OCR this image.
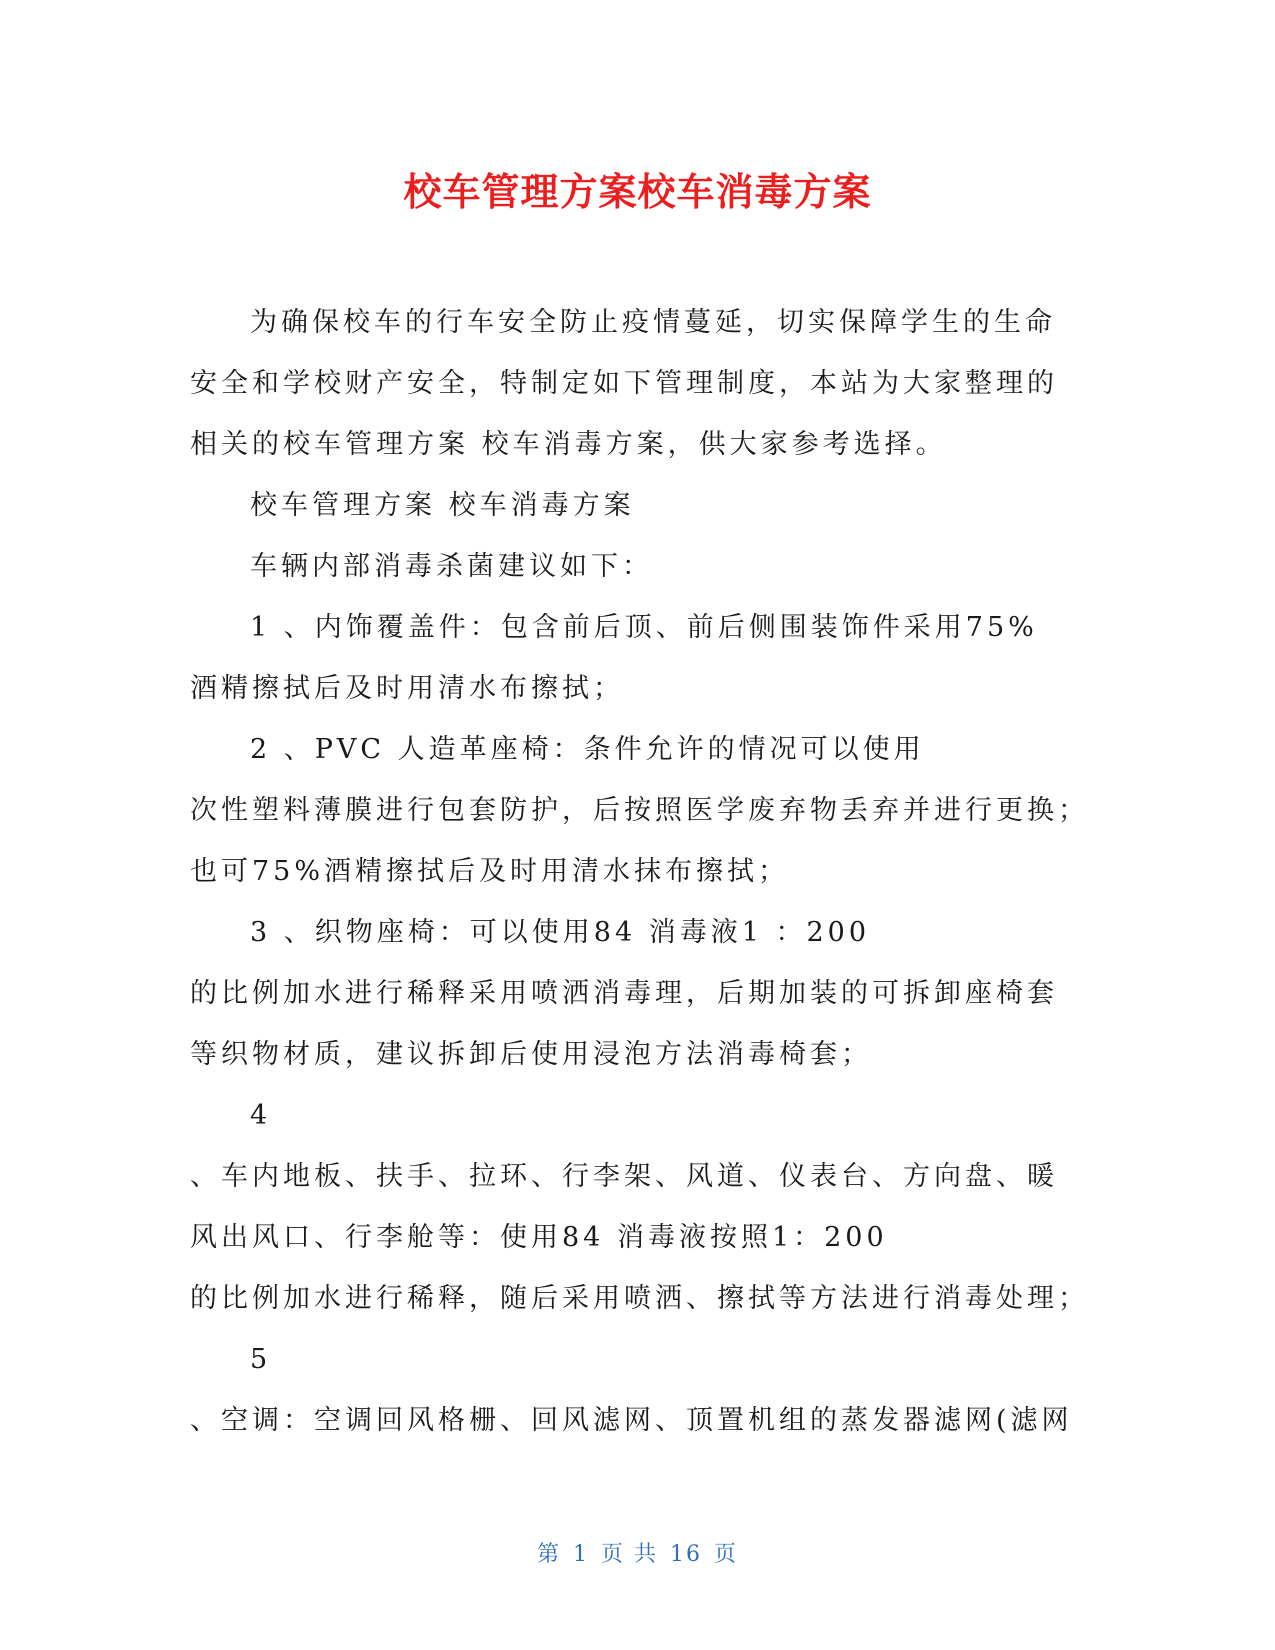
校车管理方案校车消毒方案
为确保校车的行车安全防止疫情蔓延，切实保障学生的生命
安全和学校财产安全，特制定如下管理制度，本站为大家整理的
相关的校车管理方案 校车消毒方案，供大家参考选择。
校车管理方案 校车消毒方案
车辆内部消毒杀菌建议如下：
1 、内饰覆盖件：包含前后顶、前后侧围装饰件采用75%
酒精擦拭后及时用清水布擦拭；
2 、PVC 人造革座椅：条件允许的情况可以使用
次性塑料薄膜进行包套防护，后按照医学废弃物丢弃并进行更换；
也可75%酒精擦拭后及时用清水抹布擦拭；
3 、织物座椅：可以使用84 消毒液1 ：200
的比例加水进行稀释采用喷洒消毒理，后期加装的可拆卸座椅套
等织物材质，建议拆卸后使用浸泡方法消毒椅套；
4
、车内地板、扶手、拉环、行李架、风道、仪表台、方向盘、暖
风出风口、行李舱等：使用84 消毒液按照1：200
的比例加水进行稀释，随后采用喷洒、擦拭等方法进行消毒处理；
5
、空调：空调回风格栅、回风滤网、顶置机组的蒸发器滤网(滤网
第 1 页 共 16 页
